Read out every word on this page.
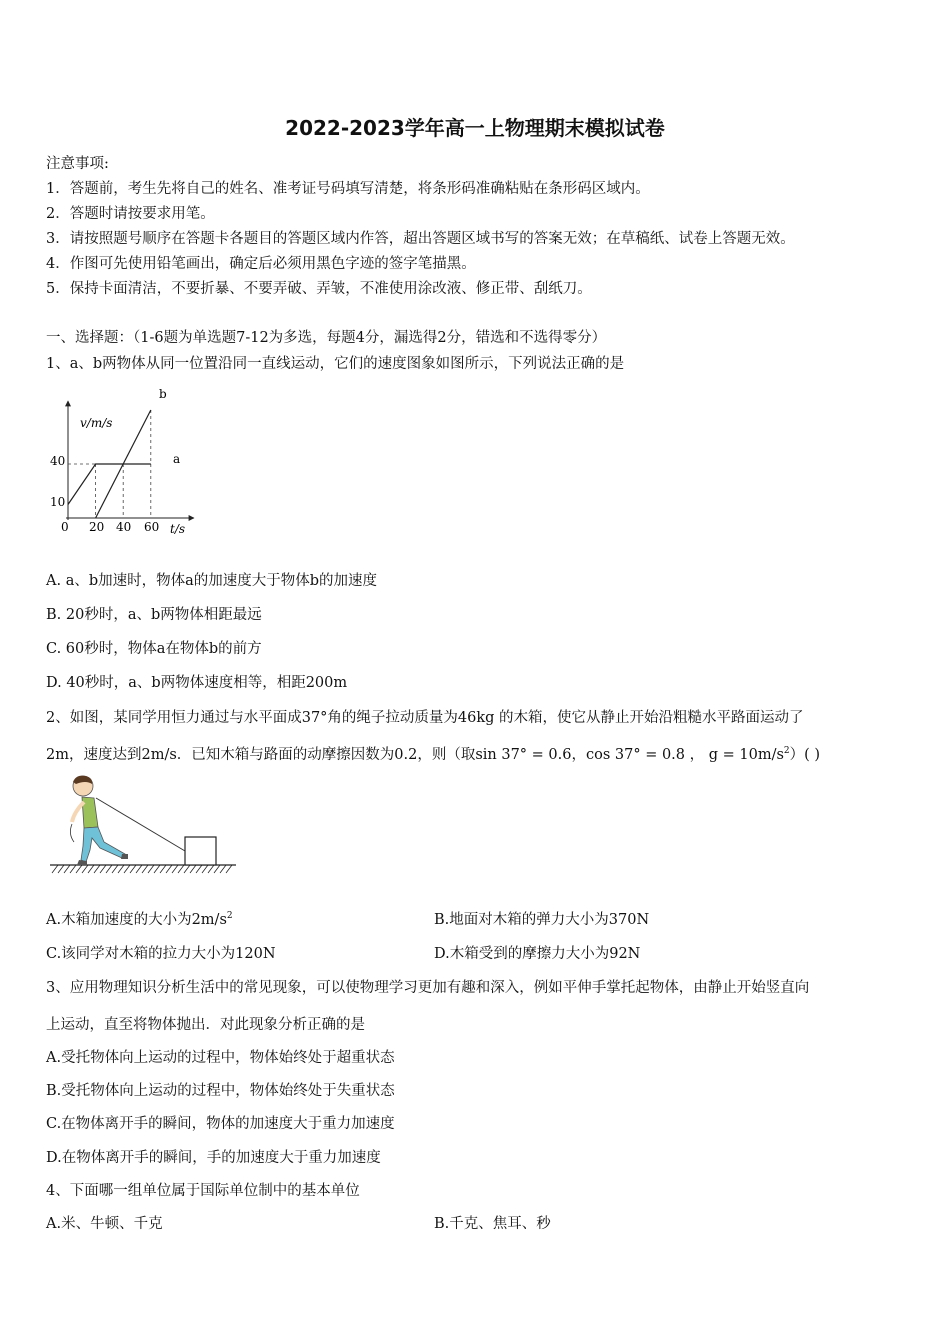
2022-2023学年高一上物理期末模拟试卷
注意事项:
1．答题前，考生先将自己的姓名、准考证号码填写清楚，将条形码准确粘贴在条形码区域内。
2．答题时请按要求用笔。
3．请按照题号顺序在答题卡各题目的答题区域内作答，超出答题区域书写的答案无效；在草稿纸、试卷上答题无效。
4．作图可先使用铅笔画出，确定后必须用黑色字迹的签字笔描黑。
5．保持卡面清洁，不要折暴、不要弄破、弄皱，不准使用涂改液、修正带、刮纸刀。
一、选择题：（1-6题为单选题7-12为多选，每题4分，漏选得2分，错选和不选得零分）
1、a、b两物体从同一位置沿同一直线运动，它们的速度图象如图所示，下列说法正确的是
v/m/s
t/s
0 20 40 60
40
10
a
b
A. a、b加速时，物体a的加速度大于物体b的加速度
B. 20秒时，a、b两物体相距最远
C. 60秒时，物体a在物体b的前方
D. 40秒时，a、b两物体速度相等，相距200m
2、如图，某同学用恒力通过与水平面成37°角的绳子拉动质量为46kg 的木箱，使它从静止开始沿粗糙水平路面运动了
2m，速度达到2m/s．已知木箱与路面的动摩擦因数为0.2，则（取sin 37° = 0.6，cos 37° = 0.8 ， $g = 10m/s^2$）( )
A.木箱加速度的大小为$2m/s^2$	B.地面对木箱的弹力大小为370N
C.该同学对木箱的拉力大小为120N	D.木箱受到的摩擦力大小为92N
3、应用物理知识分析生活中的常见现象，可以使物理学习更加有趣和深入，例如平伸手掌托起物体，由静止开始竖直向
上运动，直至将物体抛出．对此现象分析正确的是
A.受托物体向上运动的过程中，物体始终处于超重状态
B.受托物体向上运动的过程中，物体始终处于失重状态
C.在物体离开手的瞬间，物体的加速度大于重力加速度
D.在物体离开手的瞬间，手的加速度大于重力加速度
4、下面哪一组单位属于国际单位制中的基本单位
A.米、牛顿、千克	B.千克、焦耳、秒
